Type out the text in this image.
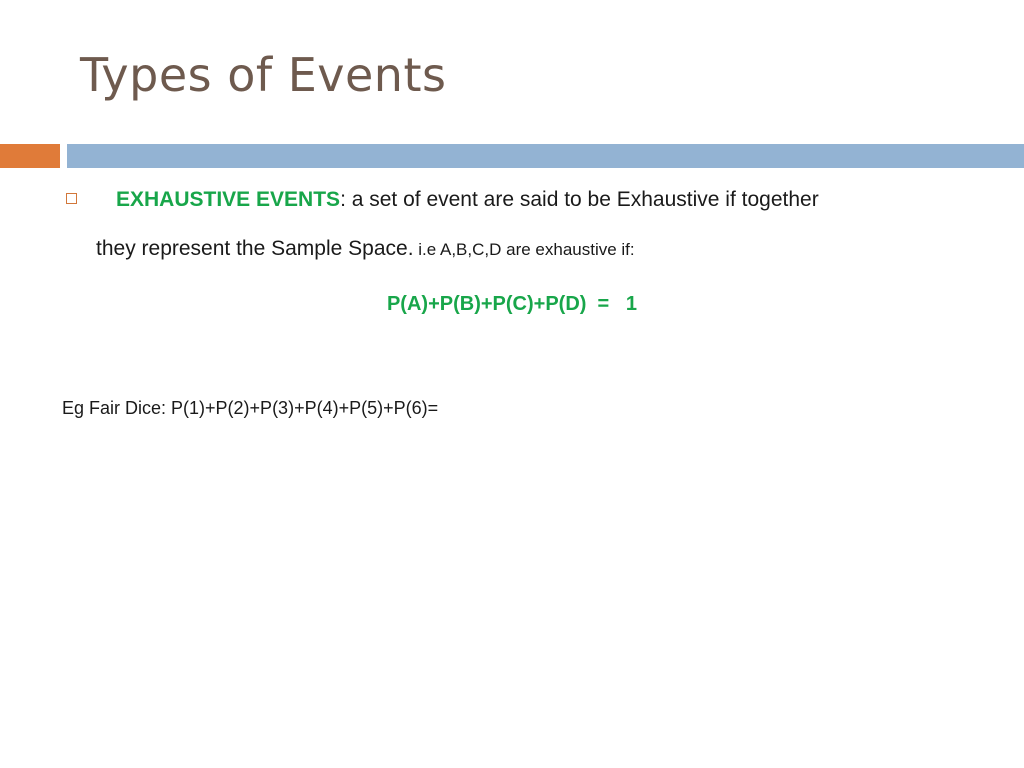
Types of Events
EXHAUSTIVE EVENTS: a set of event are said to be Exhaustive if together
they represent the Sample Space. i.e A,B,C,D are exhaustive if:
P(A)+P(B)+P(C)+P(D)  =   1
Eg Fair Dice: P(1)+P(2)+P(3)+P(4)+P(5)+P(6)=
